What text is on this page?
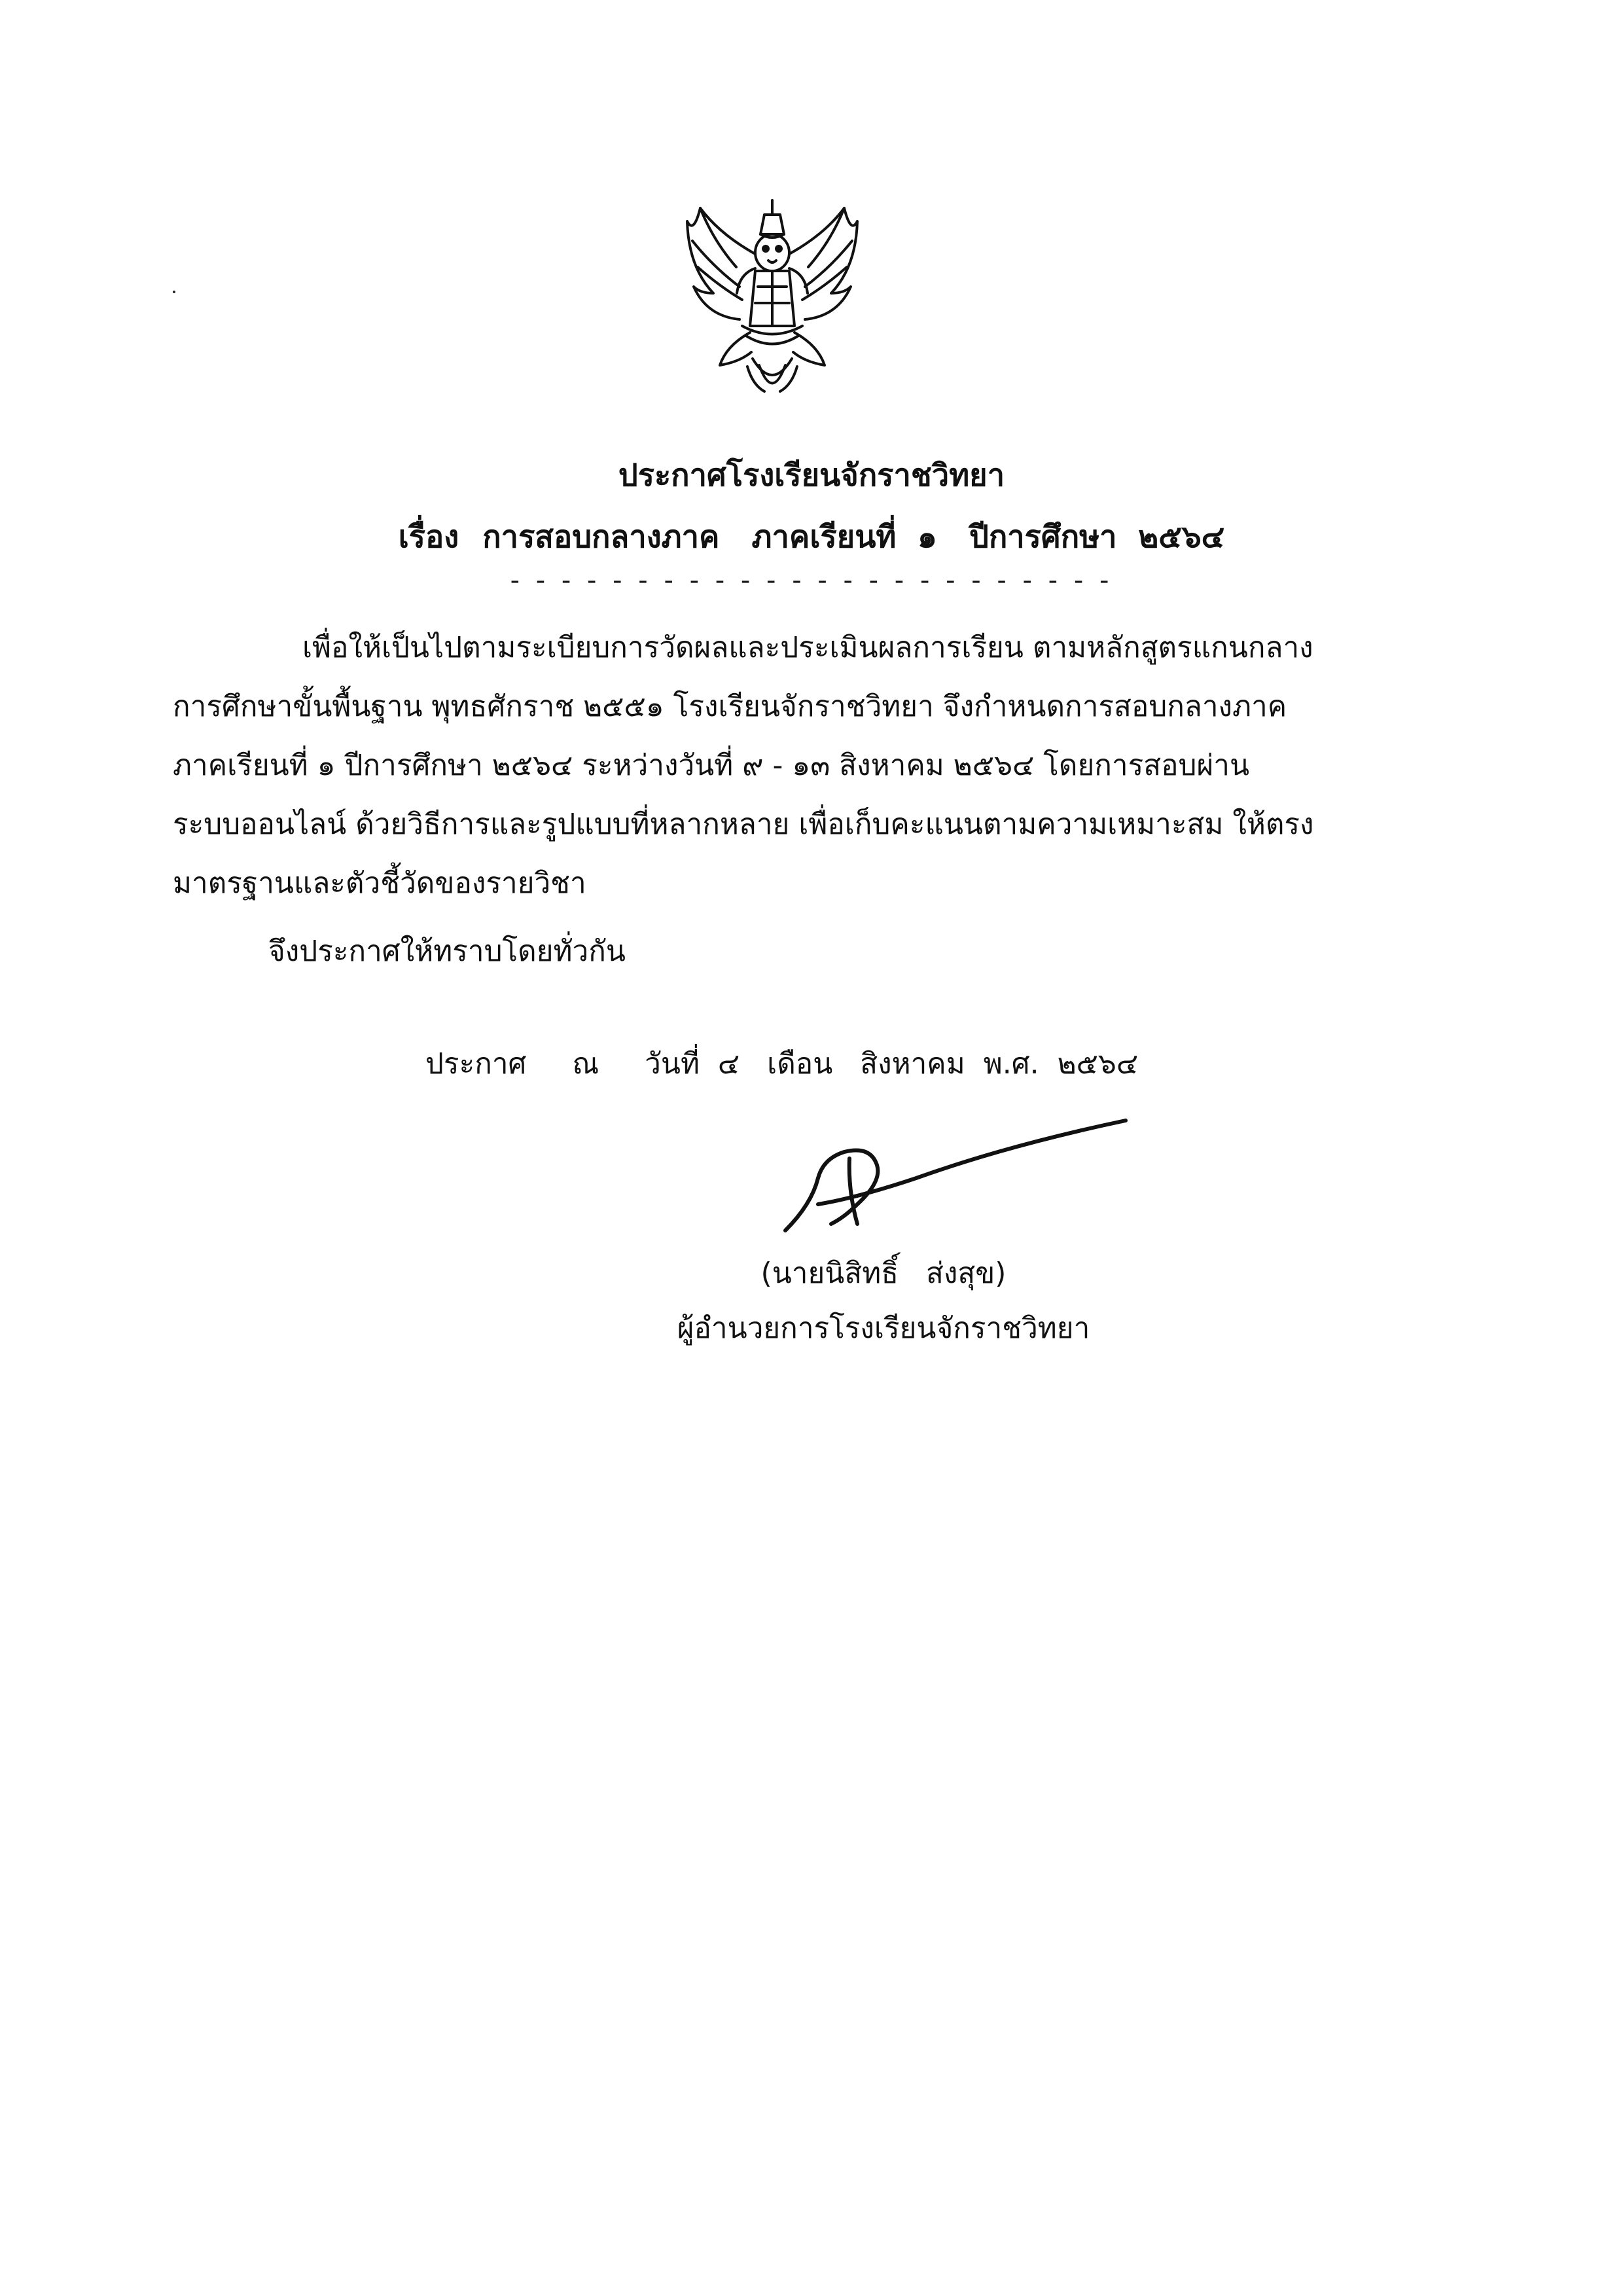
ประกาศโรงเรียนจักราชวิทยา
เรื่อง การสอบกลางภาค   ภาคเรียนที่  ๑   ปีการศึกษา  ๒๕๖๔
- - - - - - - - - - - - - - - - - - - - - - - -
เพื่อให้เป็นไปตามระเบียบการวัดผลและประเมินผลการเรียน ตามหลักสูตรแกนกลาง
การศึกษาขั้นพื้นฐาน พุทธศักราช ๒๕๕๑ โรงเรียนจักราชวิทยา จึงกำหนดการสอบกลางภาค
ภาคเรียนที่ ๑ ปีการศึกษา ๒๕๖๔ ระหว่างวันที่ ๙ - ๑๓ สิงหาคม ๒๕๖๔ โดยการสอบผ่าน
ระบบออนไลน์ ด้วยวิธีการและรูปแบบที่หลากหลาย เพื่อเก็บคะแนนตามความเหมาะสม ให้ตรง
มาตรฐานและตัวชี้วัดของรายวิชา
จึงประกาศให้ทราบโดยทั่วกัน
ประกาศ     ณ     วันที่  ๔   เดือน   สิงหาคม  พ.ศ.  ๒๕๖๔
(นายนิสิทธิ์   ส่งสุข)
ผู้อำนวยการโรงเรียนจักราชวิทยา
